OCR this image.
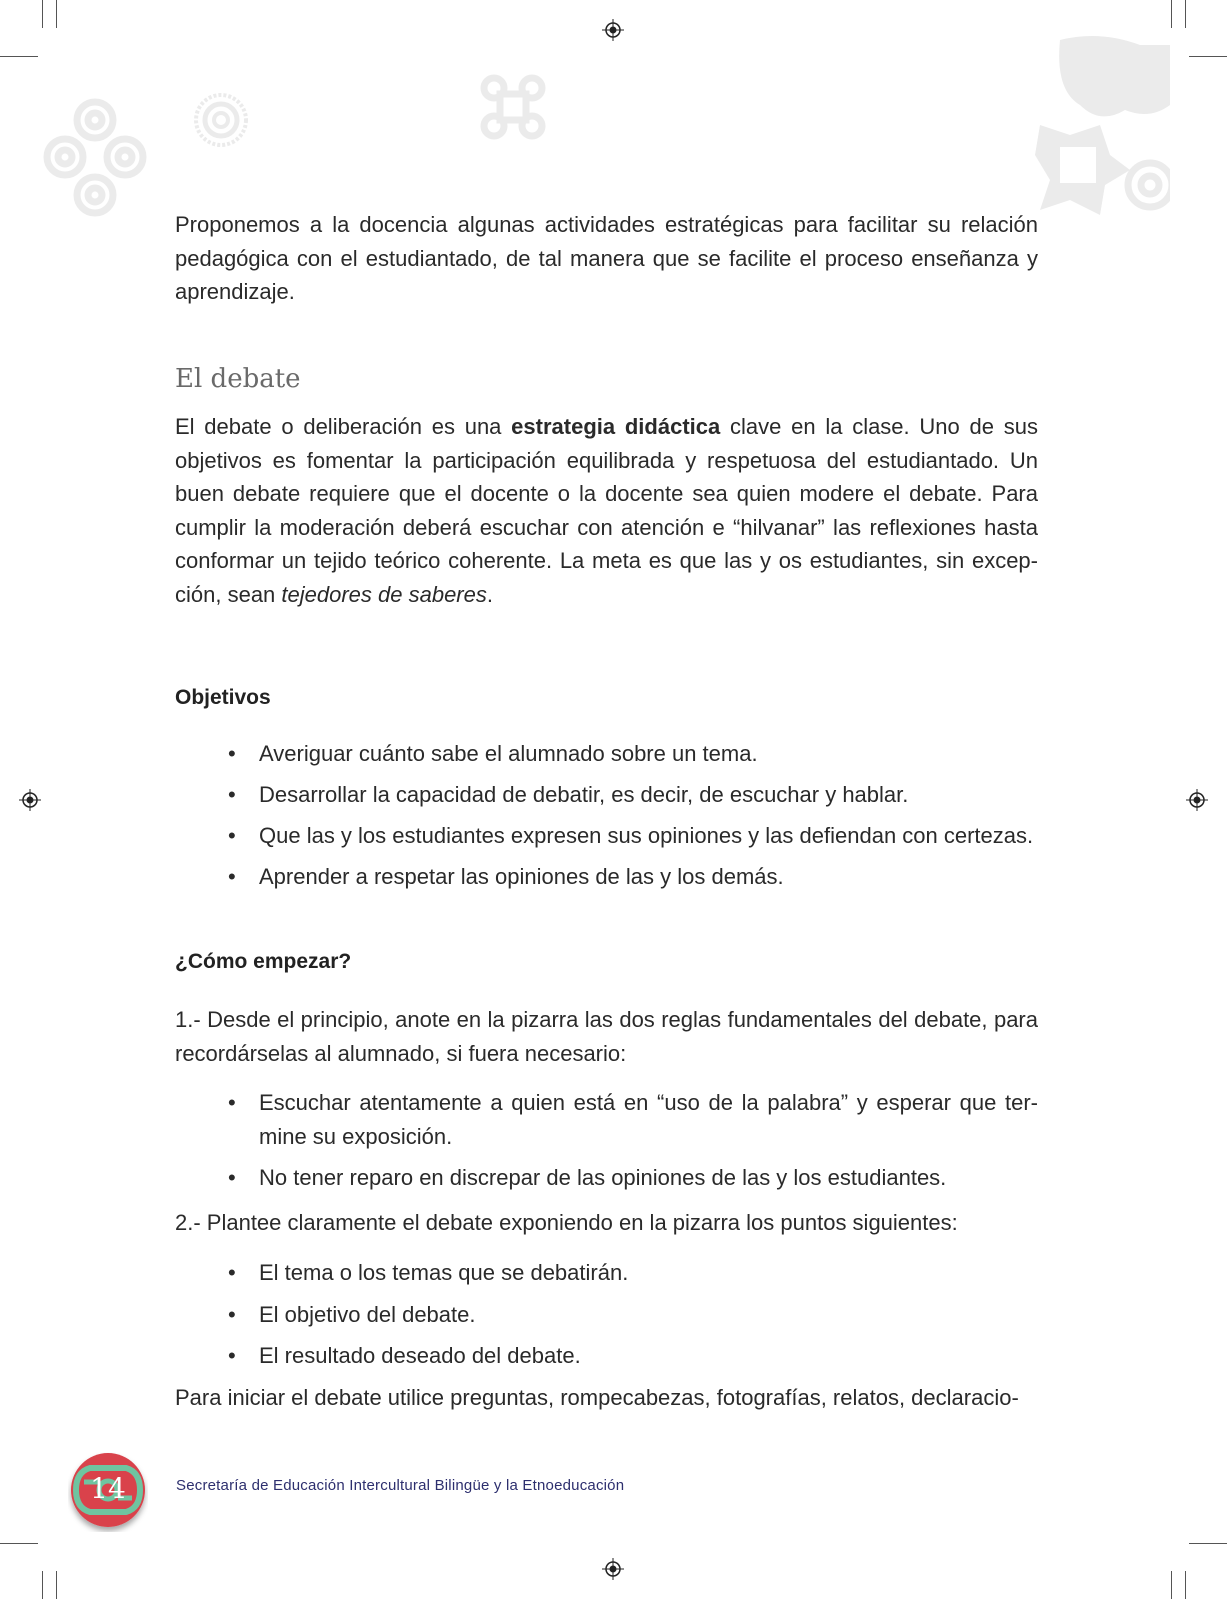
Proponemos a la docencia algunas actividades estratégicas para facilitar su relación pedagógica con el estudiantado, de tal manera que se facilite el proceso enseñanza y aprendizaje.
El debate
El debate o deliberación es una estrategia didáctica clave en la clase. Uno de sus objetivos es fomentar la participación equilibrada y respetuosa del estudiantado. Un buen debate requiere que el docente o la docente sea quien modere el debate. Para cumplir la moderación deberá escuchar con atención e “hilvanar” las reflexiones hasta conformar un tejido teórico coherente. La meta es que las y os estudiantes, sin excep-ción, sean tejedores de saberes.
Objetivos
• Averiguar cuánto sabe el alumnado sobre un tema.
• Desarrollar la capacidad de debatir, es decir, de escuchar y hablar.
• Que las y los estudiantes expresen sus opiniones y las defiendan con certezas.
• Aprender a respetar las opiniones de las y los demás.
¿Cómo empezar?
1.- Desde el principio, anote en la pizarra las dos reglas fundamentales del debate, para recordárselas al alumnado, si fuera necesario:
• Escuchar atentamente a quien está en “uso de la palabra” y esperar que ter-mine su exposición.
• No tener reparo en discrepar de las opiniones de las y los estudiantes.
2.- Plantee claramente el debate exponiendo en la pizarra los puntos siguientes:
• El tema o los temas que se debatirán.
• El objetivo del debate.
• El resultado deseado del debate.
Para iniciar el debate utilice preguntas, rompecabezas, fotografías, relatos, declaracio-
14	Secretaría de Educación Intercultural Bilingüe y la Etnoeducación
